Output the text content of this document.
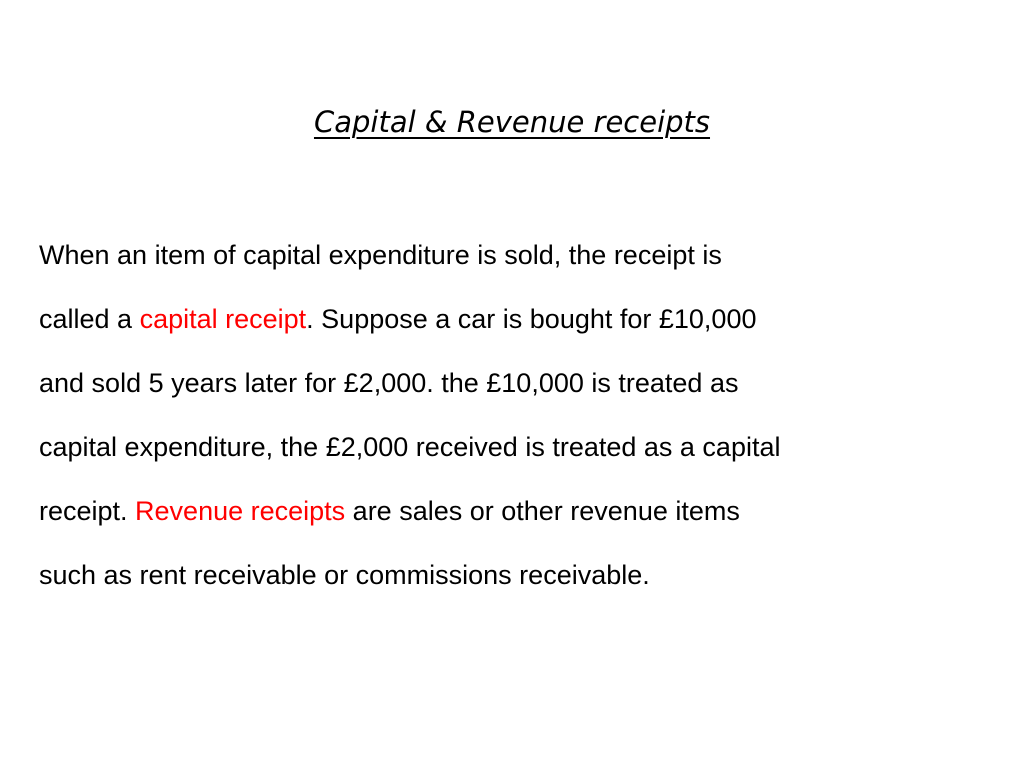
Capital & Revenue receipts

When an item of capital expenditure is sold, the receipt is
called a capital receipt. Suppose a car is bought for £10,000
and sold 5 years later for £2,000. the £10,000 is treated as
capital expenditure, the £2,000 received is treated as a capital
receipt. Revenue receipts are sales or other revenue items
such as rent receivable or commissions receivable.
